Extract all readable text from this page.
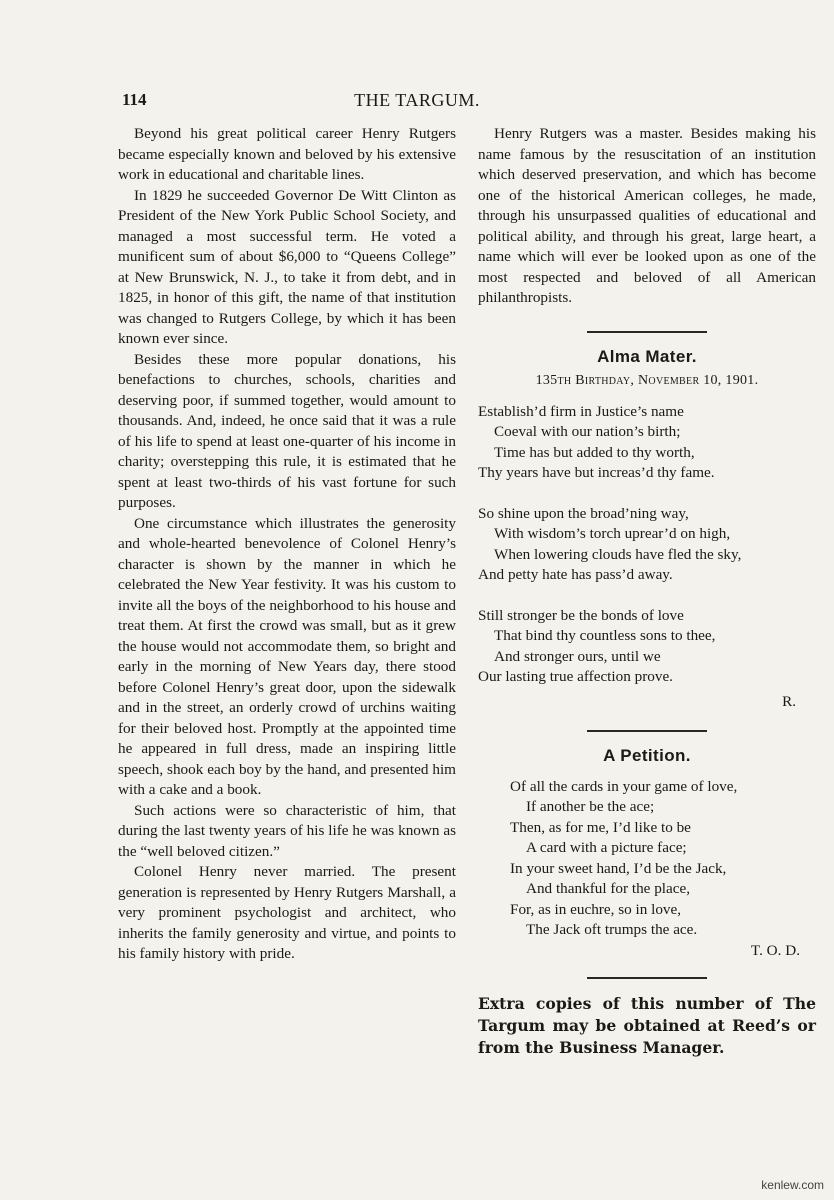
114	THE TARGUM.

Beyond his great political career Henry Rutgers became especially known and beloved by his extensive work in educational and charitable lines.

In 1829 he succeeded Governor De Witt Clinton as President of the New York Public School Society, and managed a most successful term. He voted a munificent sum of about $6,000 to “Queens College” at New Brunswick, N. J., to take it from debt, and in 1825, in honor of this gift, the name of that institution was changed to Rutgers College, by which it has been known ever since.

Besides these more popular donations, his benefactions to churches, schools, charities and deserving poor, if summed together, would amount to thousands. And, indeed, he once said that it was a rule of his life to spend at least one-quarter of his income in charity; overstepping this rule, it is estimated that he spent at least two-thirds of his vast fortune for such purposes.

One circumstance which illustrates the generosity and whole-hearted benevolence of Colonel Henry’s character is shown by the manner in which he celebrated the New Year festivity. It was his custom to invite all the boys of the neighborhood to his house and treat them. At first the crowd was small, but as it grew the house would not accommodate them, so bright and early in the morning of New Years day, there stood before Colonel Henry’s great door, upon the sidewalk and in the street, an orderly crowd of urchins waiting for their beloved host. Promptly at the appointed time he appeared in full dress, made an inspiring little speech, shook each boy by the hand, and presented him with a cake and a book.

Such actions were so characteristic of him, that during the last twenty years of his life he was known as the “well beloved citizen.”

Colonel Henry never married. The present generation is represented by Henry Rutgers Marshall, a very prominent psychologist and architect, who inherits the family generosity and virtue, and points to his family history with pride.

Henry Rutgers was a master. Besides making his name famous by the resuscitation of an institution which deserved preservation, and which has become one of the historical American colleges, he made, through his unsurpassed qualities of educational and political ability, and through his great, large heart, a name which will ever be looked upon as one of the most respected and beloved of all American philanthropists.

Alma Mater.
135th Birthday, November 10, 1901.
Establish’d firm in Justice’s name
Coeval with our nation’s birth;
Time has but added to thy worth,
Thy years have but increas’d thy fame.
So shine upon the broad’ning way,
With wisdom’s torch uprear’d on high,
When lowering clouds have fled the sky,
And petty hate has pass’d away.
Still stronger be the bonds of love
That bind thy countless sons to thee,
And stronger ours, until we
Our lasting true affection prove.
R.
A Petition.
Of all the cards in your game of love,
If another be the ace;
Then, as for me, I’d like to be
A card with a picture face;
In your sweet hand, I’d be the Jack,
And thankful for the place,
For, as in euchre, so in love,
The Jack oft trumps the ace.
T. O. D.

Extra copies of this number of The Targum may be obtained at Reed’s or from the Business Manager.

kenlew.com
